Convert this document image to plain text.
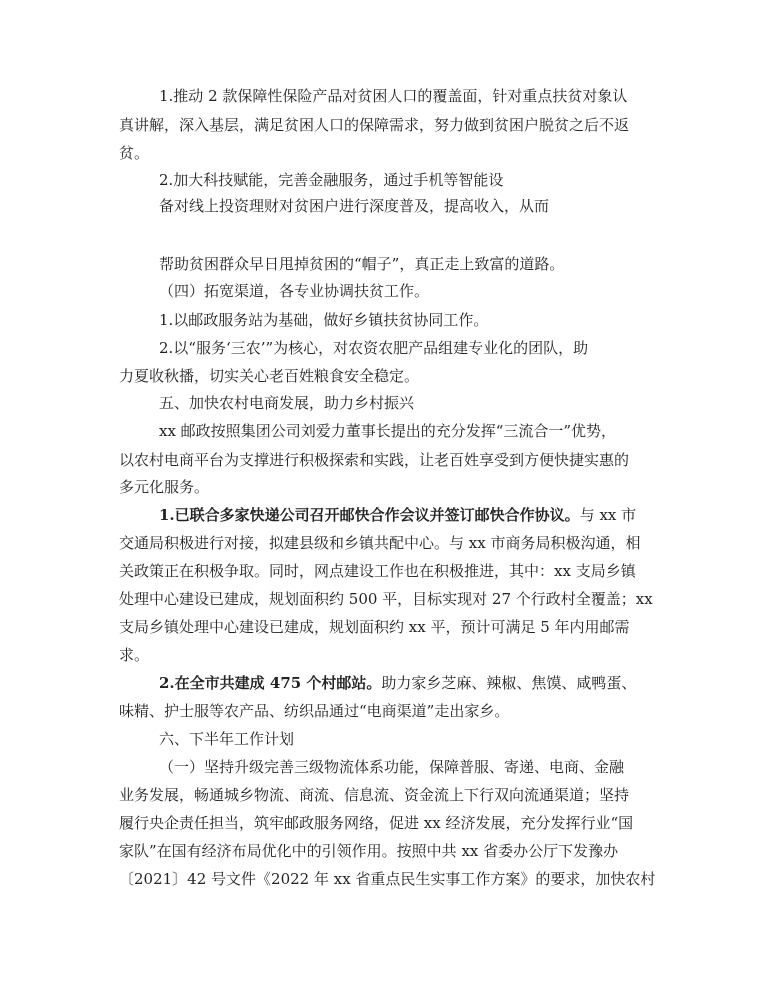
1.推动 2 款保障性保险产品对贫困人口的覆盖面，针对重点扶贫对象认
真讲解，深入基层，满足贫困人口的保障需求，努力做到贫困户脱贫之后不返
贫。
2.加大科技赋能，完善金融服务，通过手机等智能设
备对线上投资理财对贫困户进行深度普及，提高收入，从而
帮助贫困群众早日甩掉贫困的“帽子”，真正走上致富的道路。
（四）拓宽渠道，各专业协调扶贫工作。
1.以邮政服务站为基础，做好乡镇扶贫协同工作。
2.以“服务‘三农’”为核心，对农资农肥产品组建专业化的团队，助
力夏收秋播，切实关心老百姓粮食安全稳定。
五、加快农村电商发展，助力乡村振兴
xx 邮政按照集团公司刘爱力董事长提出的充分发挥“三流合一”优势，
以农村电商平台为支撑进行积极探索和实践，让老百姓享受到方便快捷实惠的
多元化服务。
1.已联合多家快递公司召开邮快合作会议并签订邮快合作协议。与 xx 市
交通局积极进行对接，拟建县级和乡镇共配中心。与 xx 市商务局积极沟通，相
关政策正在积极争取。同时，网点建设工作也在积极推进，其中：xx 支局乡镇
处理中心建设已建成，规划面积约 500 平，目标实现对 27 个行政村全覆盖；xx
支局乡镇处理中心建设已建成，规划面积约 xx 平，预计可满足 5 年内用邮需
求。
2.在全市共建成 475 个村邮站。助力家乡芝麻、辣椒、焦馍、咸鸭蛋、
味精、护士服等农产品、纺织品通过“电商渠道”走出家乡。
六、下半年工作计划
（一）坚持升级完善三级物流体系功能，保障普服、寄递、电商、金融
业务发展，畅通城乡物流、商流、信息流、资金流上下行双向流通渠道；坚持
履行央企责任担当，筑牢邮政服务网络，促进 xx 经济发展，充分发挥行业“国
家队”在国有经济布局优化中的引领作用。按照中共 xx 省委办公厅下发豫办
〔2021〕42 号文件《2022 年 xx 省重点民生实事工作方案》的要求，加快农村
